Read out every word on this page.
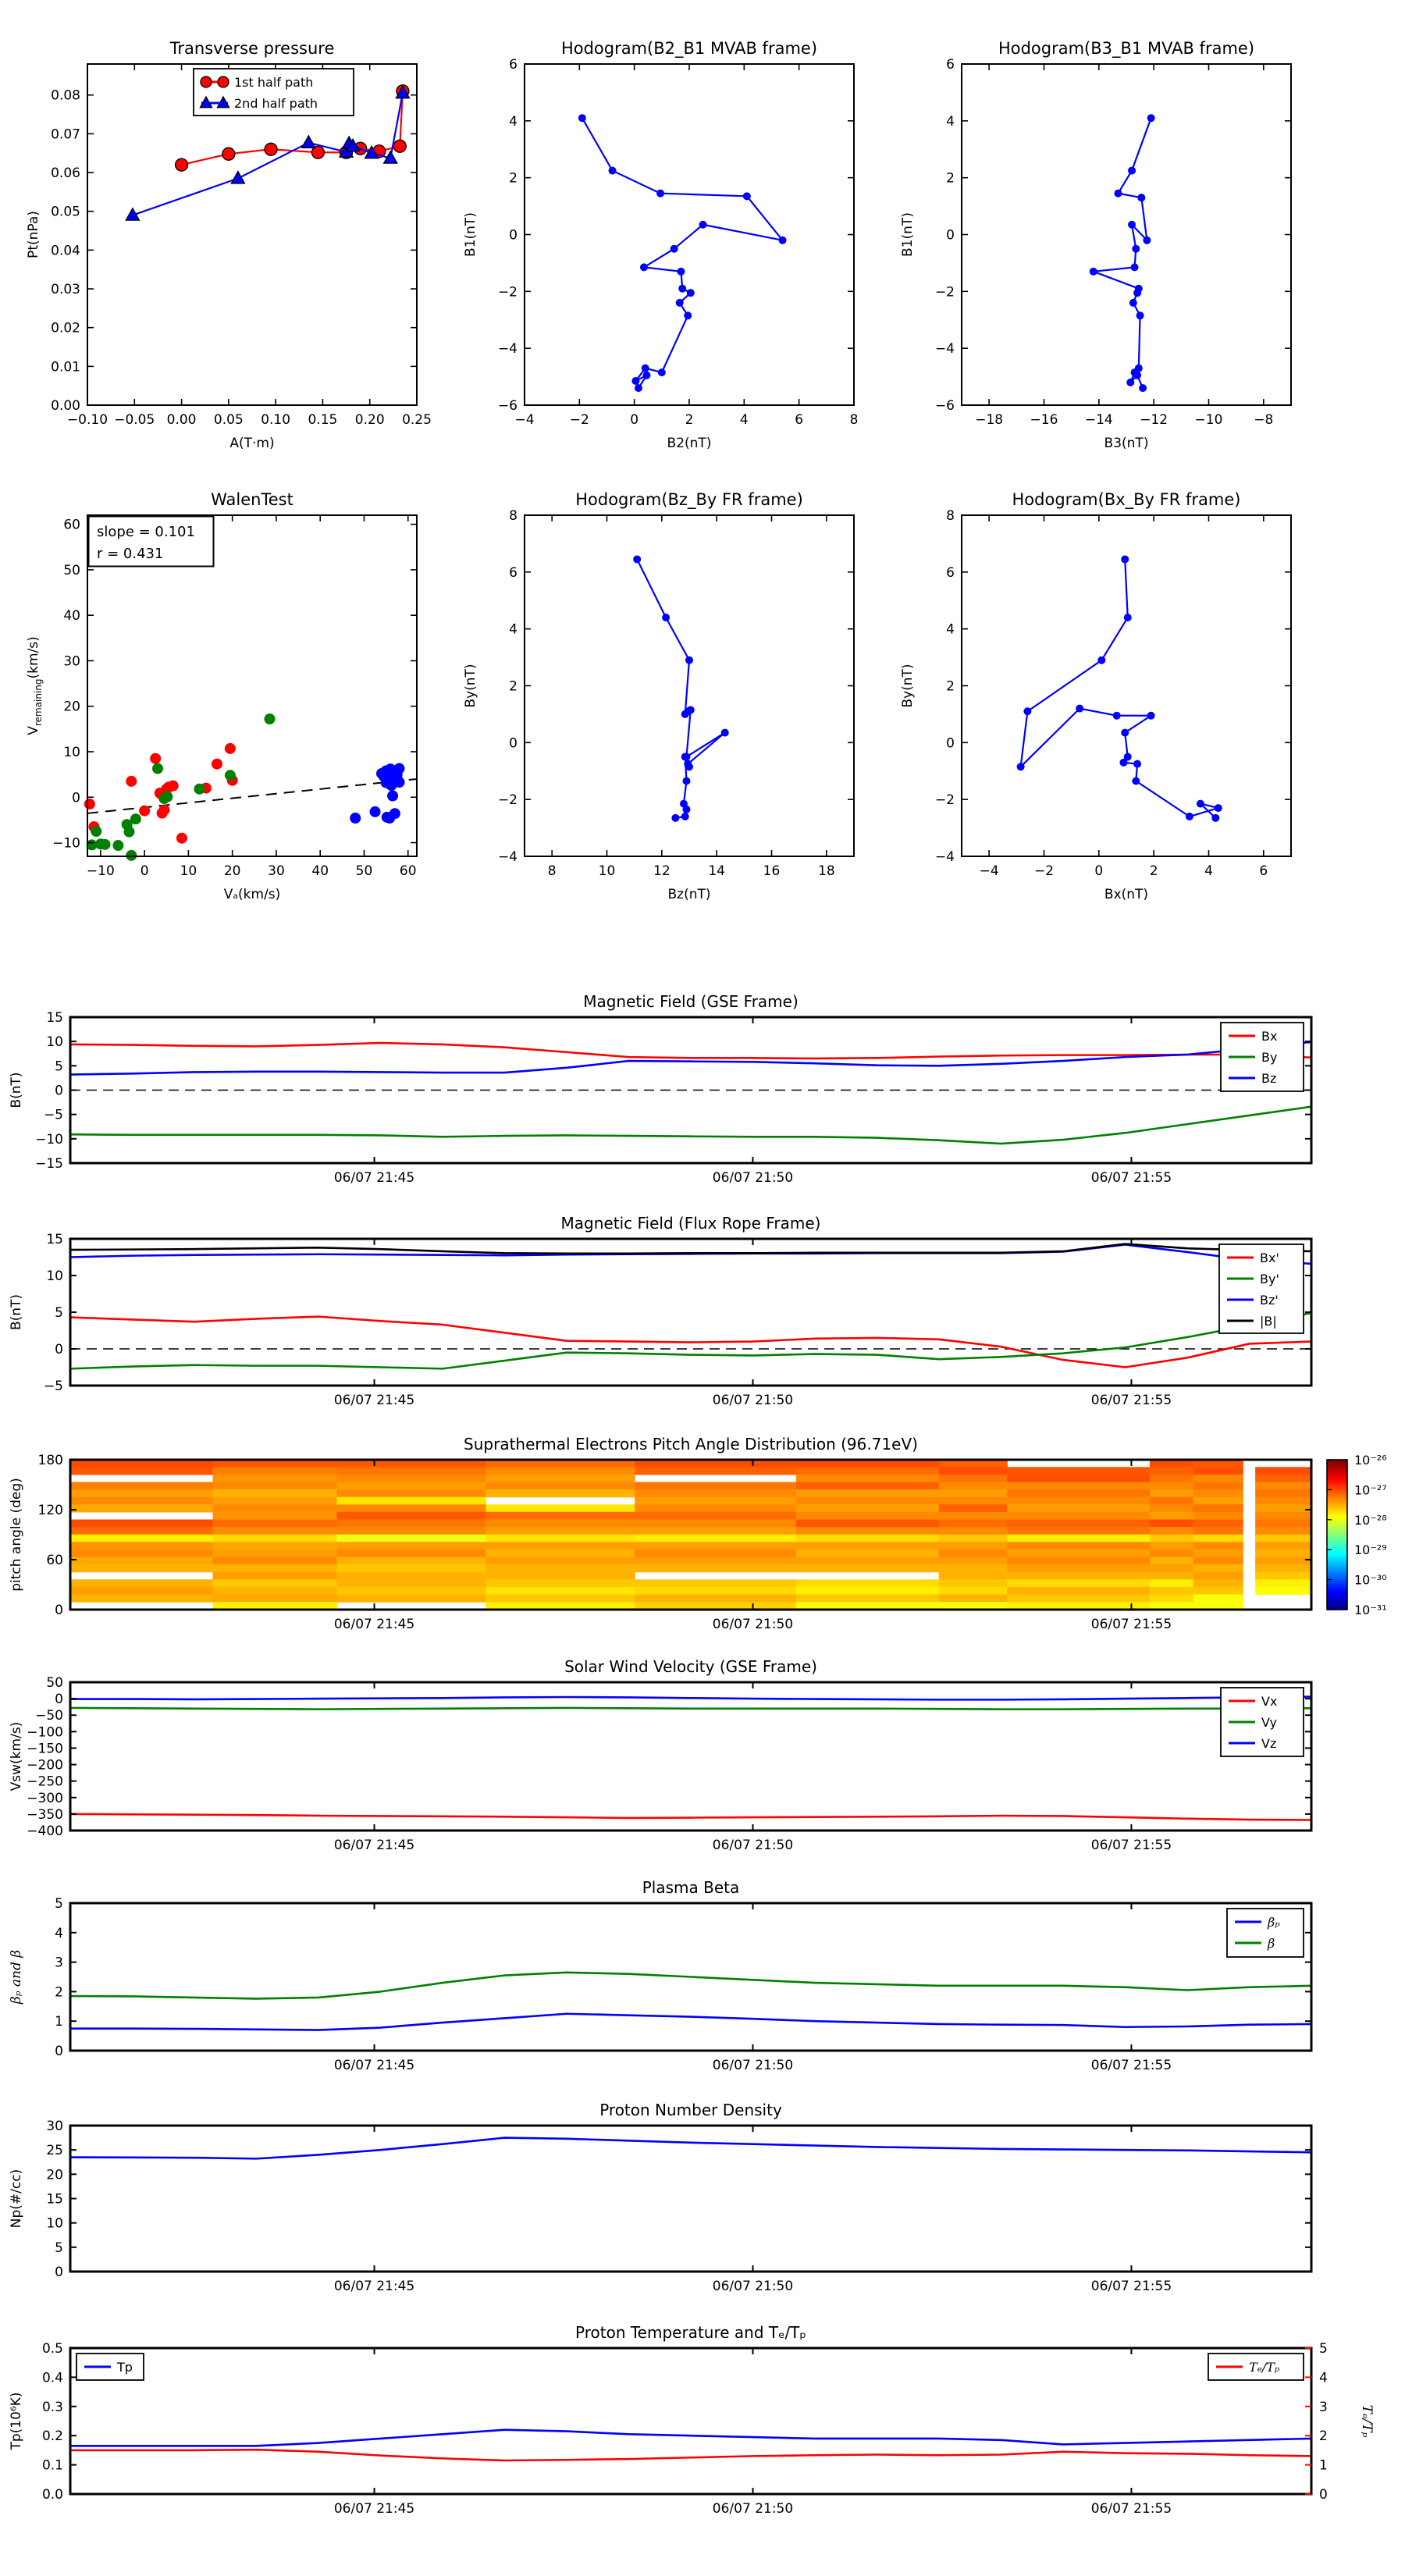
−0.10 −0.05 0.00 0.05 0.10 0.15 0.20 0.25
0.00
0.01
0.02
0.03
0.04
0.05
0.06
0.07
0.08
1st half path
2nd half path
Transverse pressure
A(T·m)
Pt(nPa)
−4	−2	0	2	4	6	8
−6
−4
−2
0
2
4
6
Hodogram(B2_B1 MVAB frame)
B2(nT)
B1(nT)
−18 −16 −14 −12 −10 −8
−6
−4
−2
0
2
4
6
Hodogram(B3_B1 MVAB frame)
B3(nT)
B1(nT)
−10 0 10 20 30 40 50 60
−10
0
10
20
30
40
50
60 slope = 0.101
r = 0.431
WalenTest
Vₐ(km/s)
$V_{remaining}(km/s)$
8	10	12	14	16	18
−4
−2
0
2
4
6
8
Hodogram(Bz_By FR frame)
Bz(nT)
By(nT)
−4	−2	0	2	4	6
−4
−2
0
2
4
6
8
Hodogram(Bx_By FR frame)
Bx(nT)
By(nT)
06/07 21:45	06/07 21:50	06/07 21:55
−15
−10
−5
0
5
10
15
Bx
By
Bz
Magnetic Field (GSE Frame)
B(nT)
06/07 21:45	06/07 21:50	06/07 21:55
−5
0
5
10
15
Bx'
By'
Bz'
|B|
Magnetic Field (Flux Rope Frame)
B(nT)
06/07 21:45	06/07 21:50	06/07 21:55
0
60
120
180	10⁻²⁶
10⁻²⁷
10⁻²⁸
10⁻²⁹
10⁻³⁰
10⁻³¹
Suprathermal Electrons Pitch Angle Distribution (96.71eV)
pitch angle (deg)
06/07 21:45	06/07 21:50	06/07 21:55
−400
−350
−300
−250
−200
−150
−100
−50
0
50
Vx
Vy
Vz
Solar Wind Velocity (GSE Frame)
Vsw(km/s)
06/07 21:45	06/07 21:50	06/07 21:55
0
1
2
3
4
5
βₚ
β
Plasma Beta
βₚ and β
06/07 21:45	06/07 21:50	06/07 21:55
0
5
10
15
20
25
30
Proton Number Density
Np(#/cc)
06/07 21:45	06/07 21:50	06/07 21:55
0.0
0.1
0.2
0.3
0.4
0.5
0
1
2
3
4
5
Tₑ/Tₚ
Tp	Tₑ/Tₚ
Proton Temperature and Tₑ/Tₚ
Tp(10⁶K)
